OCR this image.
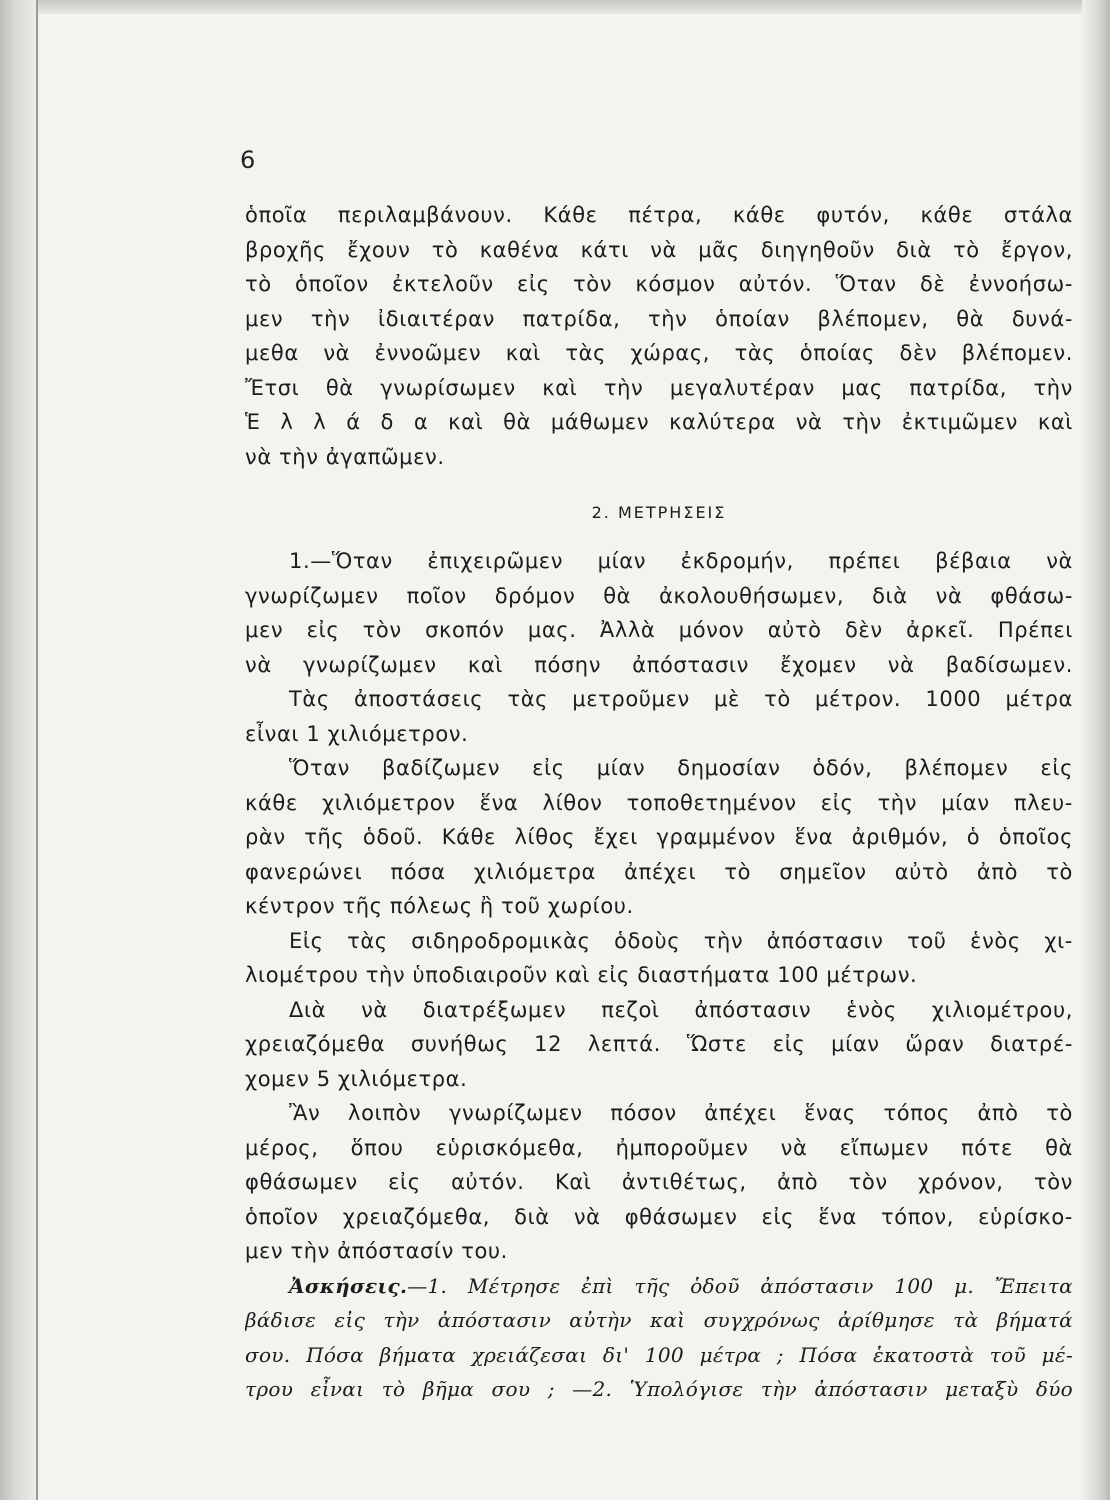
6
ὁποῖα περιλαμβάνουν. Κάθε πέτρα, κάθε φυτόν, κάθε στάλα
βροχῆς ἔχουν τὸ καθένα κάτι νὰ μᾶς διηγηθοῦν διὰ τὸ ἔργον,
τὸ ὁποῖον ἐκτελοῦν εἰς τὸν κόσμον αὐτόν. Ὅταν δὲ ἐννοήσω-
μεν τὴν ἰδιαιτέραν πατρίδα, τὴν ὁποίαν βλέπομεν, θὰ δυνά-
μεθα νὰ ἐννοῶμεν καὶ τὰς χώρας, τὰς ὁποίας δὲν βλέπομεν.
Ἔτσι θὰ γνωρίσωμεν καὶ τὴν μεγαλυτέραν μας πατρίδα, τὴν
Ἑ λ λ ά δ α καὶ θὰ μάθωμεν καλύτερα νὰ τὴν ἐκτιμῶμεν καὶ
νὰ τὴν ἀγαπῶμεν.
2. ΜΕΤΡΗΣΕΙΣ
1.—Ὅταν ἐπιχειρῶμεν μίαν ἐκδρομήν, πρέπει βέβαια νὰ
γνωρίζωμεν ποῖον δρόμον θὰ ἀκολουθήσωμεν, διὰ νὰ φθάσω-
μεν εἰς τὸν σκοπόν μας. Ἀλλὰ μόνον αὐτὸ δὲν ἀρκεῖ. Πρέπει
νὰ γνωρίζωμεν καὶ πόσην ἀπόστασιν ἔχομεν νὰ βαδίσωμεν.
Τὰς ἀποστάσεις τὰς μετροῦμεν μὲ τὸ μέτρον. 1000 μέτρα
εἶναι 1 χιλιόμετρον.
Ὅταν βαδίζωμεν εἰς μίαν δημοσίαν ὁδόν, βλέπομεν εἰς
κάθε χιλιόμετρον ἕνα λίθον τοποθετημένον εἰς τὴν μίαν πλευ-
ρὰν τῆς ὁδοῦ. Κάθε λίθος ἔχει γραμμένον ἕνα ἀριθμόν, ὁ ὁποῖος
φανερώνει πόσα χιλιόμετρα ἀπέχει τὸ σημεῖον αὐτὸ ἀπὸ τὸ
κέντρον τῆς πόλεως ἢ τοῦ χωρίου.
Εἰς τὰς σιδηροδρομικὰς ὁδοὺς τὴν ἀπόστασιν τοῦ ἑνὸς χι-
λιομέτρου τὴν ὑποδιαιροῦν καὶ εἰς διαστήματα 100 μέτρων.
Διὰ νὰ διατρέξωμεν πεζοὶ ἀπόστασιν ἑνὸς χιλιομέτρου,
χρειαζόμεθα συνήθως 12 λεπτά. Ὥστε εἰς μίαν ὥραν διατρέ-
χομεν 5 χιλιόμετρα.
Ἂν λοιπὸν γνωρίζωμεν πόσον ἀπέχει ἕνας τόπος ἀπὸ τὸ
μέρος, ὅπου εὑρισκόμεθα, ἠμποροῦμεν νὰ εἴπωμεν πότε θὰ
φθάσωμεν εἰς αὐτόν. Καὶ ἀντιθέτως, ἀπὸ τὸν χρόνον, τὸν
ὁποῖον χρειαζόμεθα, διὰ νὰ φθάσωμεν εἰς ἕνα τόπον, εὑρίσκο-
μεν τὴν ἀπόστασίν του.
Ἀσκήσεις.—1. Μέτρησε ἐπὶ τῆς ὁδοῦ ἀπόστασιν 100 μ. Ἔπειτα
βάδισε εἰς τὴν ἀπόστασιν αὐτὴν καὶ συγχρόνως ἀρίθμησε τὰ βήματά
σου. Πόσα βήματα χρειάζεσαι δι' 100 μέτρα ; Πόσα ἑκατοστὰ τοῦ μέ-
τρου εἶναι τὸ βῆμα σου ; —2. Ὑπολόγισε τὴν ἀπόστασιν μεταξὺ δύο
